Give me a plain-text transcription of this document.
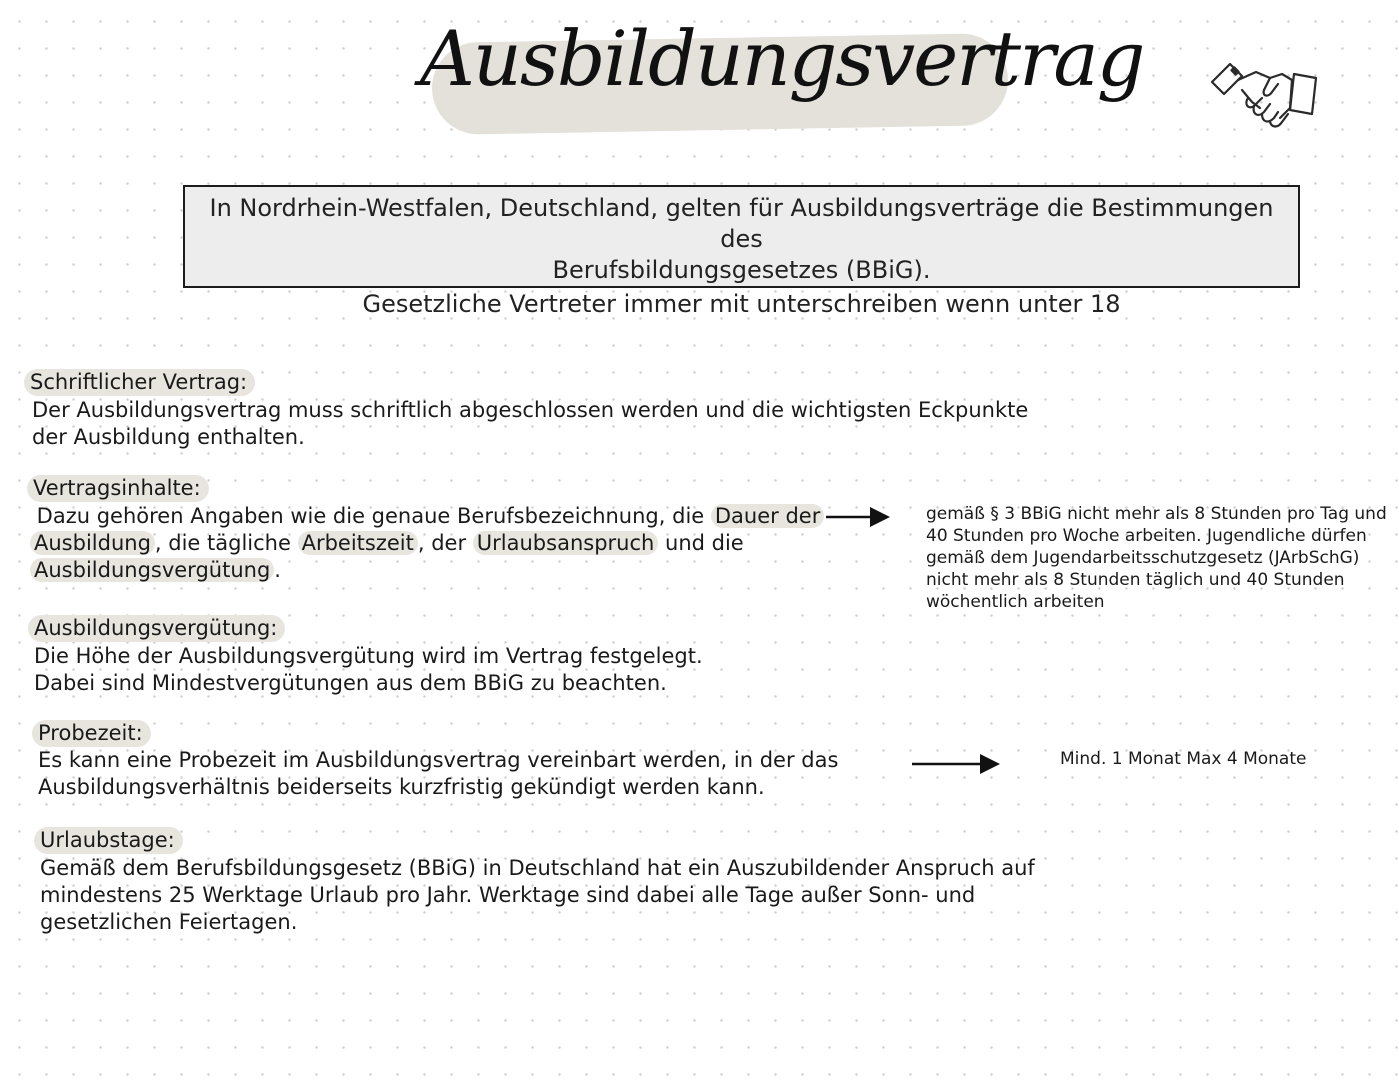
Ausbildungsvertrag
In Nordrhein-Westfalen, Deutschland, gelten für Ausbildungsverträge die Bestimmungen des
Berufsbildungsgesetzes (BBiG).
Gesetzliche Vertreter immer mit unterschreiben wenn unter 18
Schriftlicher Vertrag:
Der Ausbildungsvertrag muss schriftlich abgeschlossen werden und die wichtigsten Eckpunkte
der Ausbildung enthalten.
Vertragsinhalte:
Dazu gehören Angaben wie die genaue Berufsbezeichnung, die Dauer der
Ausbildung , die tägliche Arbeitszeit , der Urlaubsanspruch und die
Ausbildungsvergütung .
gemäß § 3 BBiG nicht mehr als 8 Stunden pro Tag und
40 Stunden pro Woche arbeiten. Jugendliche dürfen
gemäß dem Jugendarbeitsschutzgesetz (JArbSchG)
nicht mehr als 8 Stunden täglich und 40 Stunden
wöchentlich arbeiten
Ausbildungsvergütung:
Die Höhe der Ausbildungsvergütung wird im Vertrag festgelegt.
Dabei sind Mindestvergütungen aus dem BBiG zu beachten.
Probezeit:
Es kann eine Probezeit im Ausbildungsvertrag vereinbart werden, in der das
Ausbildungsverhältnis beiderseits kurzfristig gekündigt werden kann.
Mind. 1 Monat Max 4 Monate
Urlaubstage:
Gemäß dem Berufsbildungsgesetz (BBiG) in Deutschland hat ein Auszubildender Anspruch auf
mindestens 25 Werktage Urlaub pro Jahr. Werktage sind dabei alle Tage außer Sonn- und
gesetzlichen Feiertagen.
